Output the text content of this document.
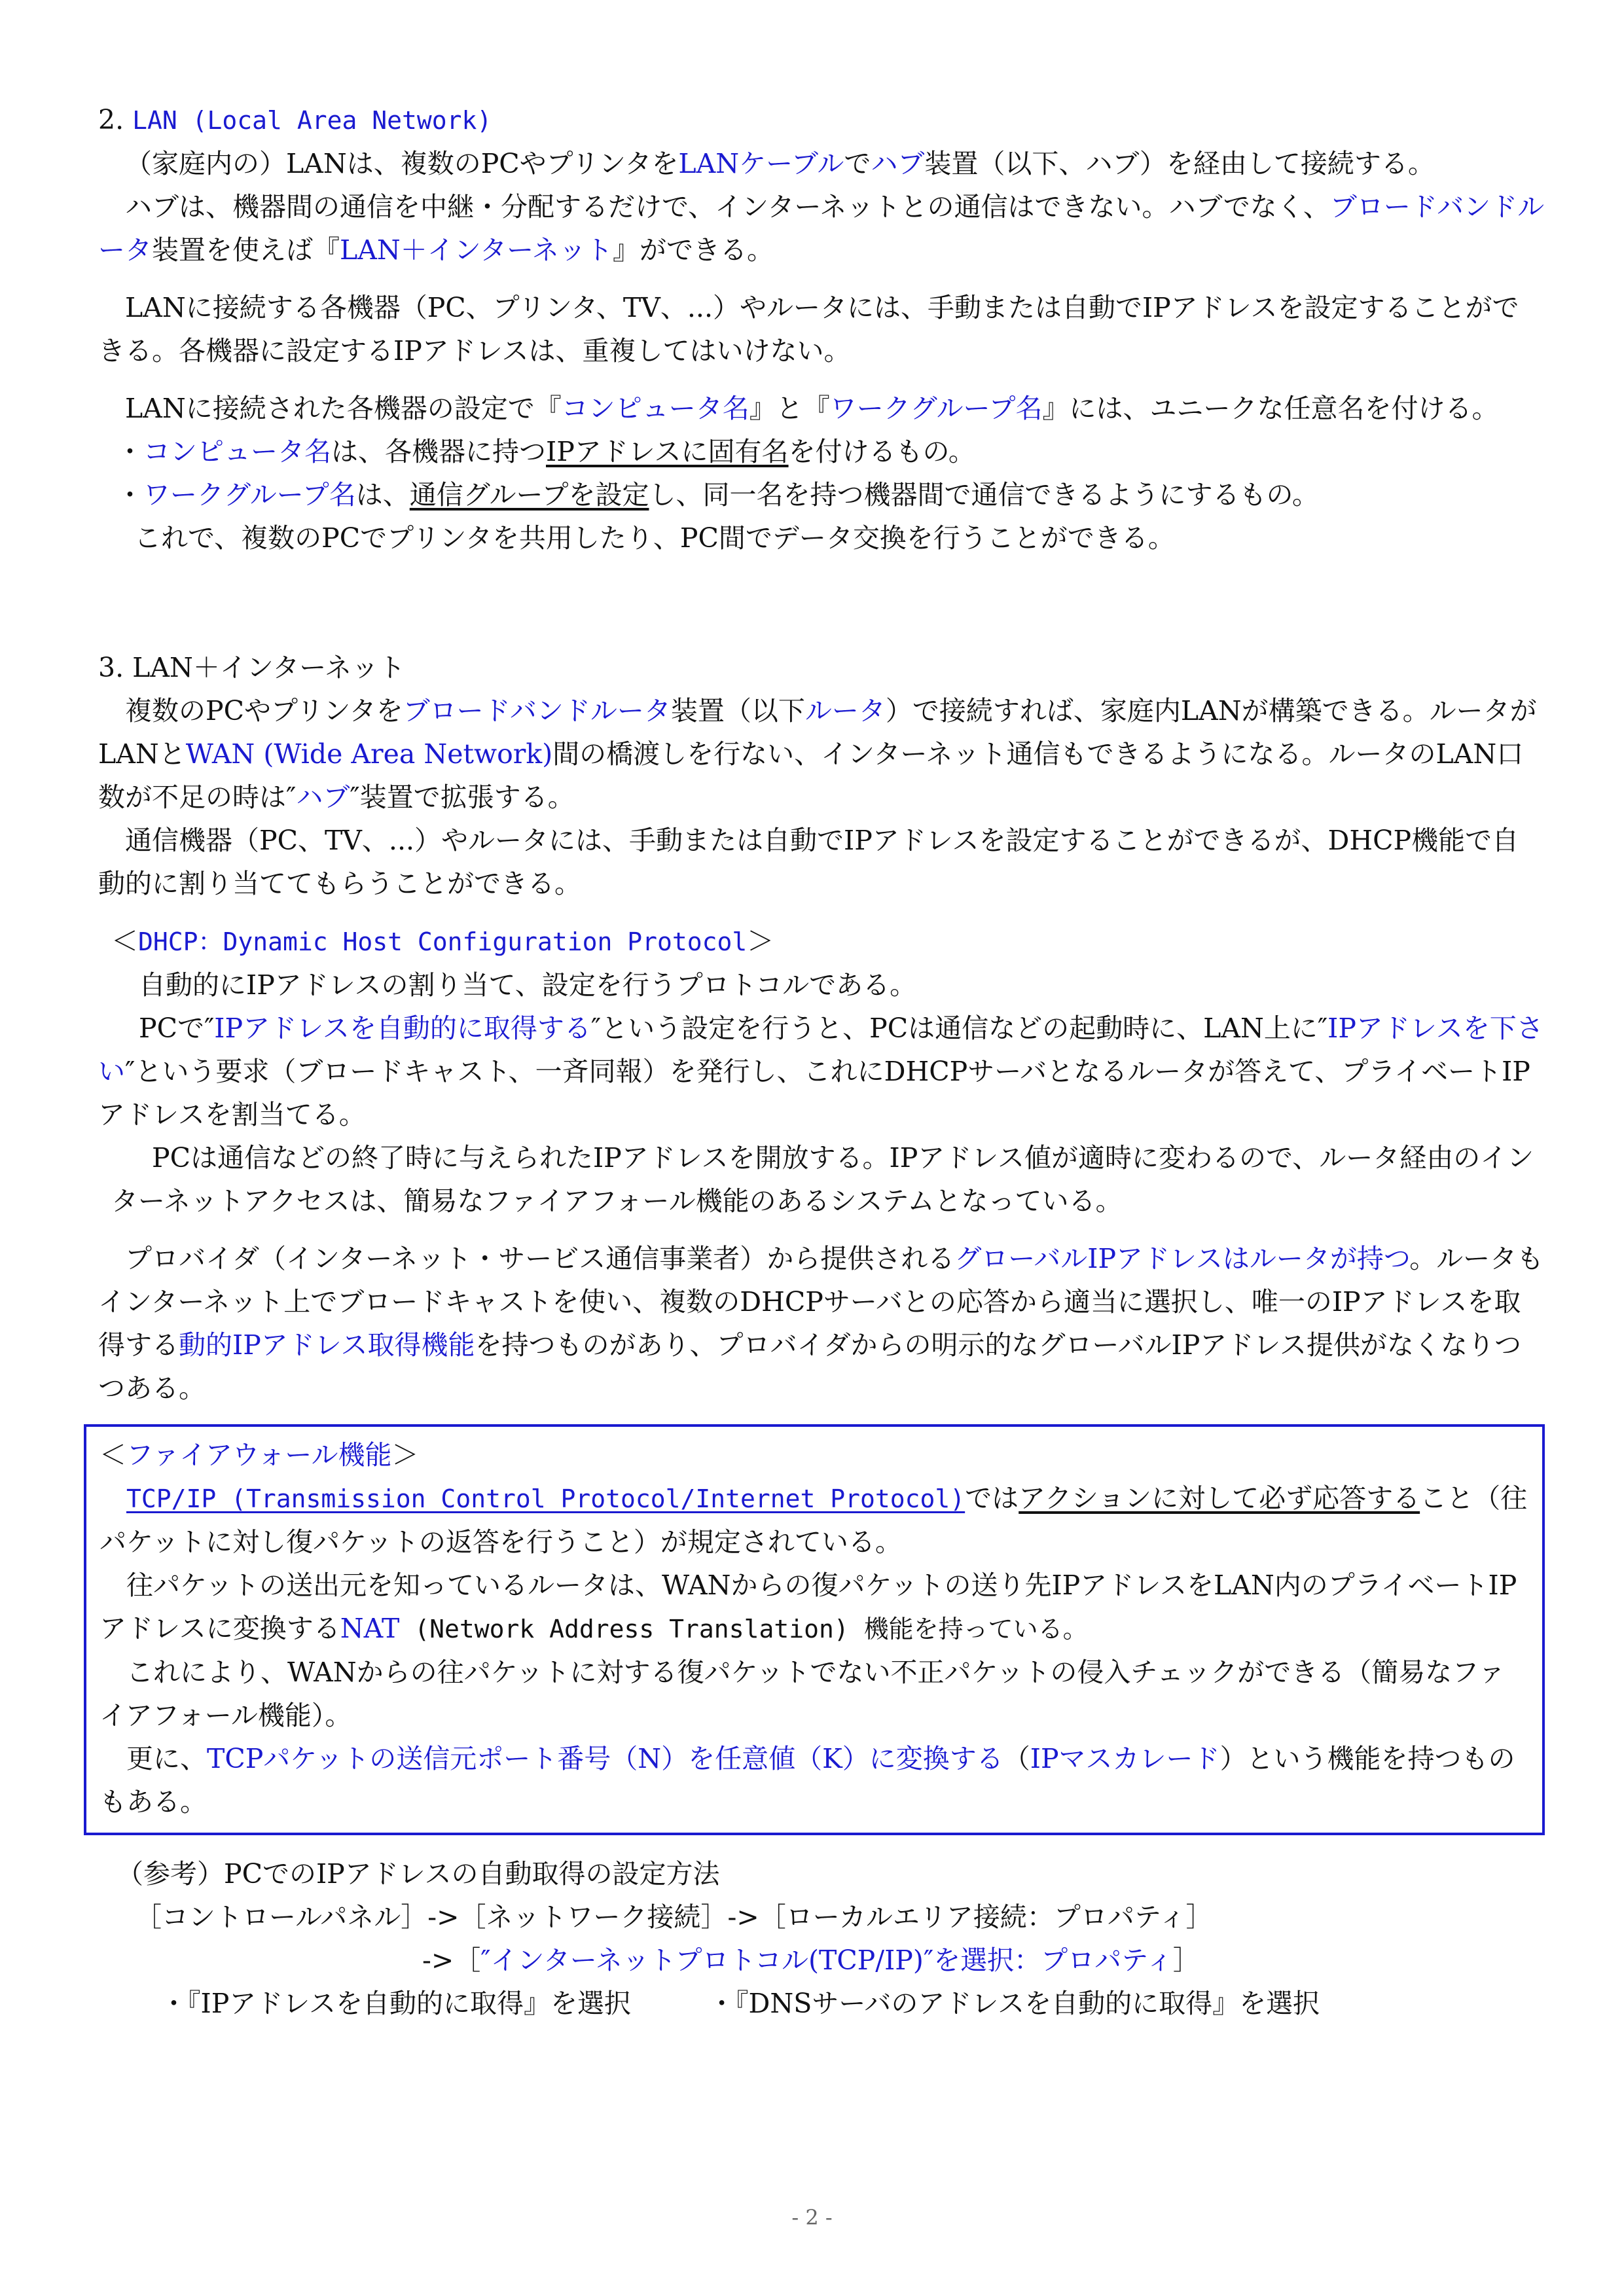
2. LAN (Local Area Network)

（家庭内の）LANは、複数のPCやプリンタをLANケーブルでハブ装置（以下、ハブ）を経由して接続する。

ハブは、機器間の通信を中継・分配するだけで、インターネットとの通信はできない。ハブでなく、ブロードバンドルータ装置を使えば『LAN＋インターネット』ができる。

LANに接続する各機器（PC、プリンタ、TV、...）やルータには、手動または自動でIPアドレスを設定することができる。各機器に設定するIPアドレスは、重複してはいけない。

LANに接続された各機器の設定で『コンピュータ名』と『ワークグループ名』には、ユニークな任意名を付ける。

・コンピュータ名は、各機器に持つIPアドレスに固有名を付けるもの。

・ワークグループ名は、通信グループを設定し、同一名を持つ機器間で通信できるようにするもの。

これで、複数のPCでプリンタを共用したり、PC間でデータ交換を行うことができる。

3. LAN＋インターネット

複数のPCやプリンタをブロードバンドルータ装置（以下ルータ）で接続すれば、家庭内LANが構築できる。ルータがLANとWAN (Wide Area Network)間の橋渡しを行ない、インターネット通信もできるようになる。ルータのLAN口数が不足の時は″ハブ″装置で拡張する。

通信機器（PC、TV、...）やルータには、手動または自動でIPアドレスを設定することができるが、DHCP機能で自動的に割り当ててもらうことができる。

＜DHCP：Dynamic Host Configuration Protocol＞

自動的にIPアドレスの割り当て、設定を行うプロトコルである。

PCで″IPアドレスを自動的に取得する″という設定を行うと、PCは通信などの起動時に、LAN上に″IPアドレスを下さい″という要求（ブロードキャスト、一斉同報）を発行し、これにDHCPサーバとなるルータが答えて、プライベートIPアドレスを割当てる。

PCは通信などの終了時に与えられたIPアドレスを開放する。IPアドレス値が適時に変わるので、ルータ経由のインターネットアクセスは、簡易なファイアフォール機能のあるシステムとなっている。

プロバイダ（インターネット・サービス通信事業者）から提供されるグローバルIPアドレスはルータが持つ。ルータもインターネット上でブロードキャストを使い、複数のDHCPサーバとの応答から適当に選択し、唯一のIPアドレスを取得する動的IPアドレス取得機能を持つものがあり、プロバイダからの明示的なグローバルIPアドレス提供がなくなりつつある。

＜ファイアウォール機能＞

TCP/IP (Transmission_Control_Protocol/Internet_Protocol)ではアクションに対して必ず応答すること（往パケットに対し復パケットの返答を行うこと）が規定されている。

往パケットの送出元を知っているルータは、WANからの復パケットの送り先IPアドレスをLAN内のプライベートIPアドレスに変換するNAT (Network Address Translation) 機能を持っている。

これにより、WANからの往パケットに対する復パケットでない不正パケットの侵入チェックができる（簡易なファイアフォール機能）。

更に、TCPパケットの送信元ポート番号（N）を任意値（K）に変換する（IPマスカレード）という機能を持つものもある。

（参考）PCでのIPアドレスの自動取得の設定方法

［コントロールパネル］->［ネットワーク接続］->［ローカルエリア接続：プロパティ］

->［″インターネットプロトコル(TCP/IP)″を選択：プロパティ］

・『IPアドレスを自動的に取得』を選択	・『DNSサーバのアドレスを自動的に取得』を選択

- 2 -
